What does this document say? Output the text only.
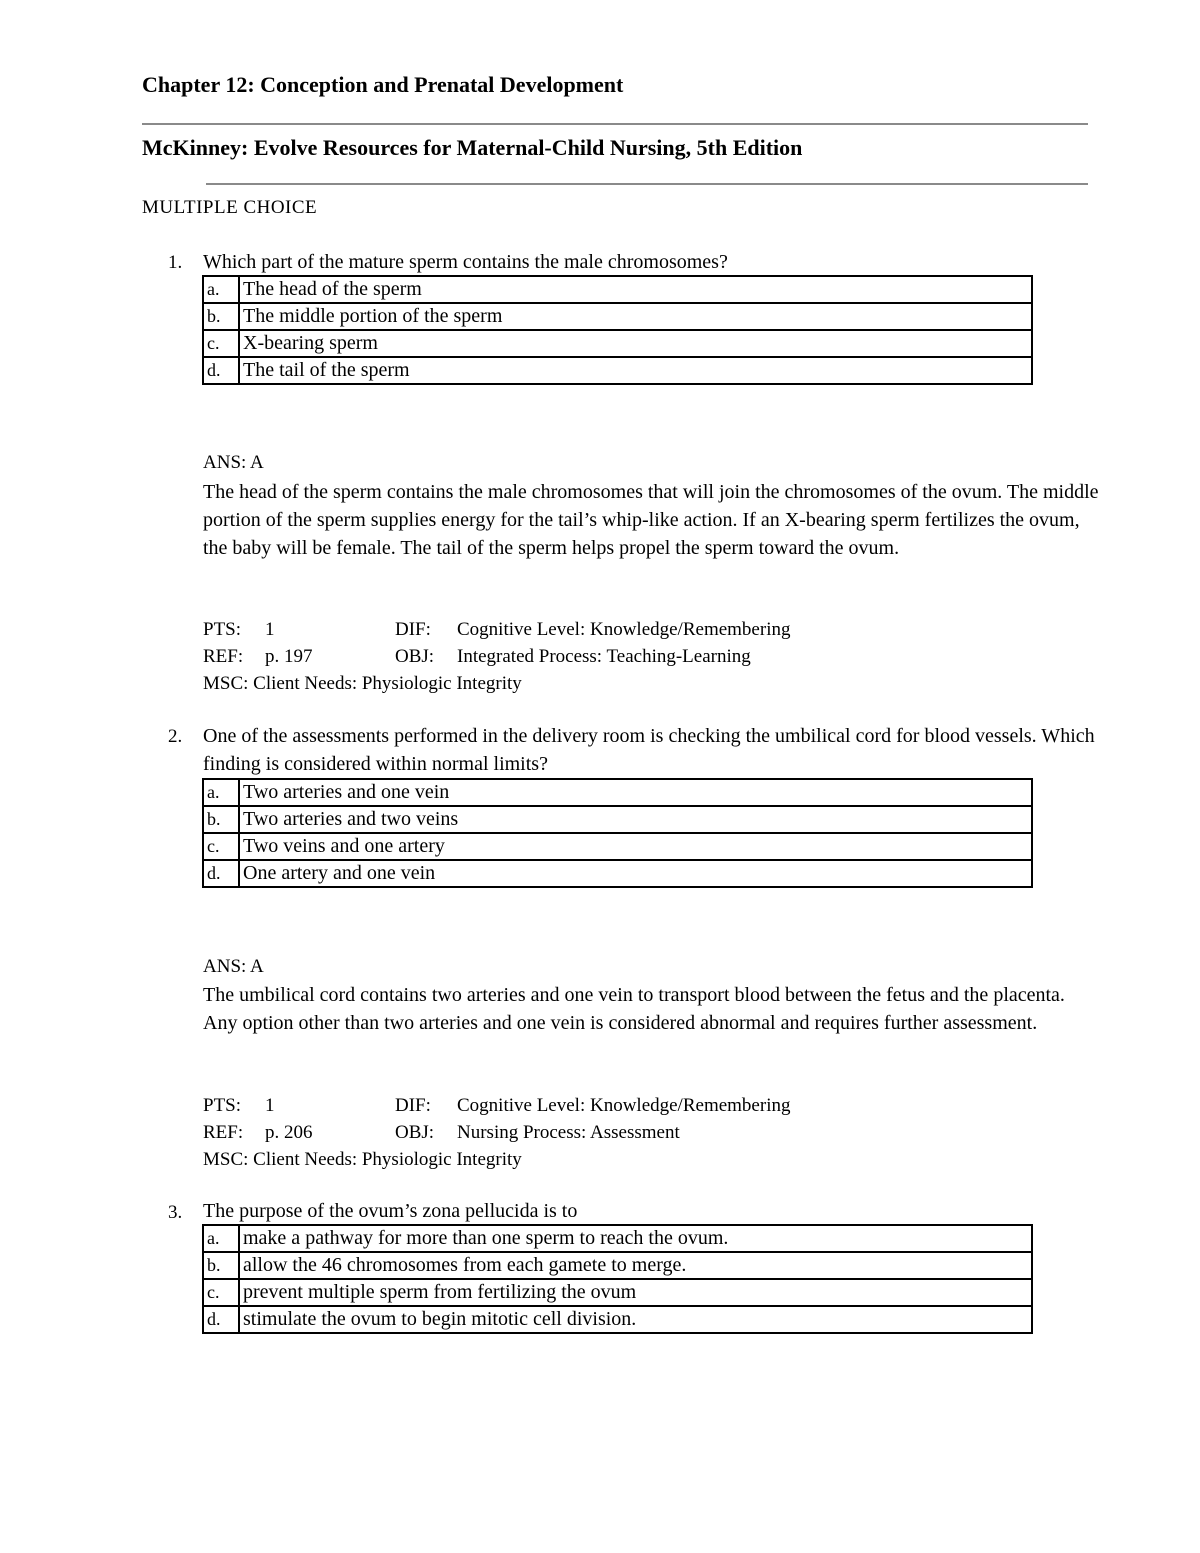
Chapter 12: Conception and Prenatal Development
McKinney: Evolve Resources for Maternal-Child Nursing, 5th Edition
MULTIPLE CHOICE
1. Which part of the mature sperm contains the male chromosomes?
a.	The head of the sperm
b.	The middle portion of the sperm
c.	X-bearing sperm
d.	The tail of the sperm
ANS: A
The head of the sperm contains the male chromosomes that will join the chromosomes of the ovum. The middle portion of the sperm supplies energy for the tail’s whip-like action. If an X-bearing sperm fertilizes the ovum, the baby will be female. The tail of the sperm helps propel the sperm toward the ovum.
PTS: 1	DIF: Cognitive Level: Knowledge/Remembering
REF: p. 197	OBJ: Integrated Process: Teaching-Learning
MSC: Client Needs: Physiologic Integrity
2. One of the assessments performed in the delivery room is checking the umbilical cord for blood vessels. Which finding is considered within normal limits?
a.	Two arteries and one vein
b.	Two arteries and two veins
c.	Two veins and one artery
d.	One artery and one vein
ANS: A
The umbilical cord contains two arteries and one vein to transport blood between the fetus and the placenta. Any option other than two arteries and one vein is considered abnormal and requires further assessment.
PTS: 1	DIF: Cognitive Level: Knowledge/Remembering
REF: p. 206	OBJ: Nursing Process: Assessment
MSC: Client Needs: Physiologic Integrity
3. The purpose of the ovum’s zona pellucida is to
a.	make a pathway for more than one sperm to reach the ovum.
b.	allow the 46 chromosomes from each gamete to merge.
c.	prevent multiple sperm from fertilizing the ovum
d.	stimulate the ovum to begin mitotic cell division.
